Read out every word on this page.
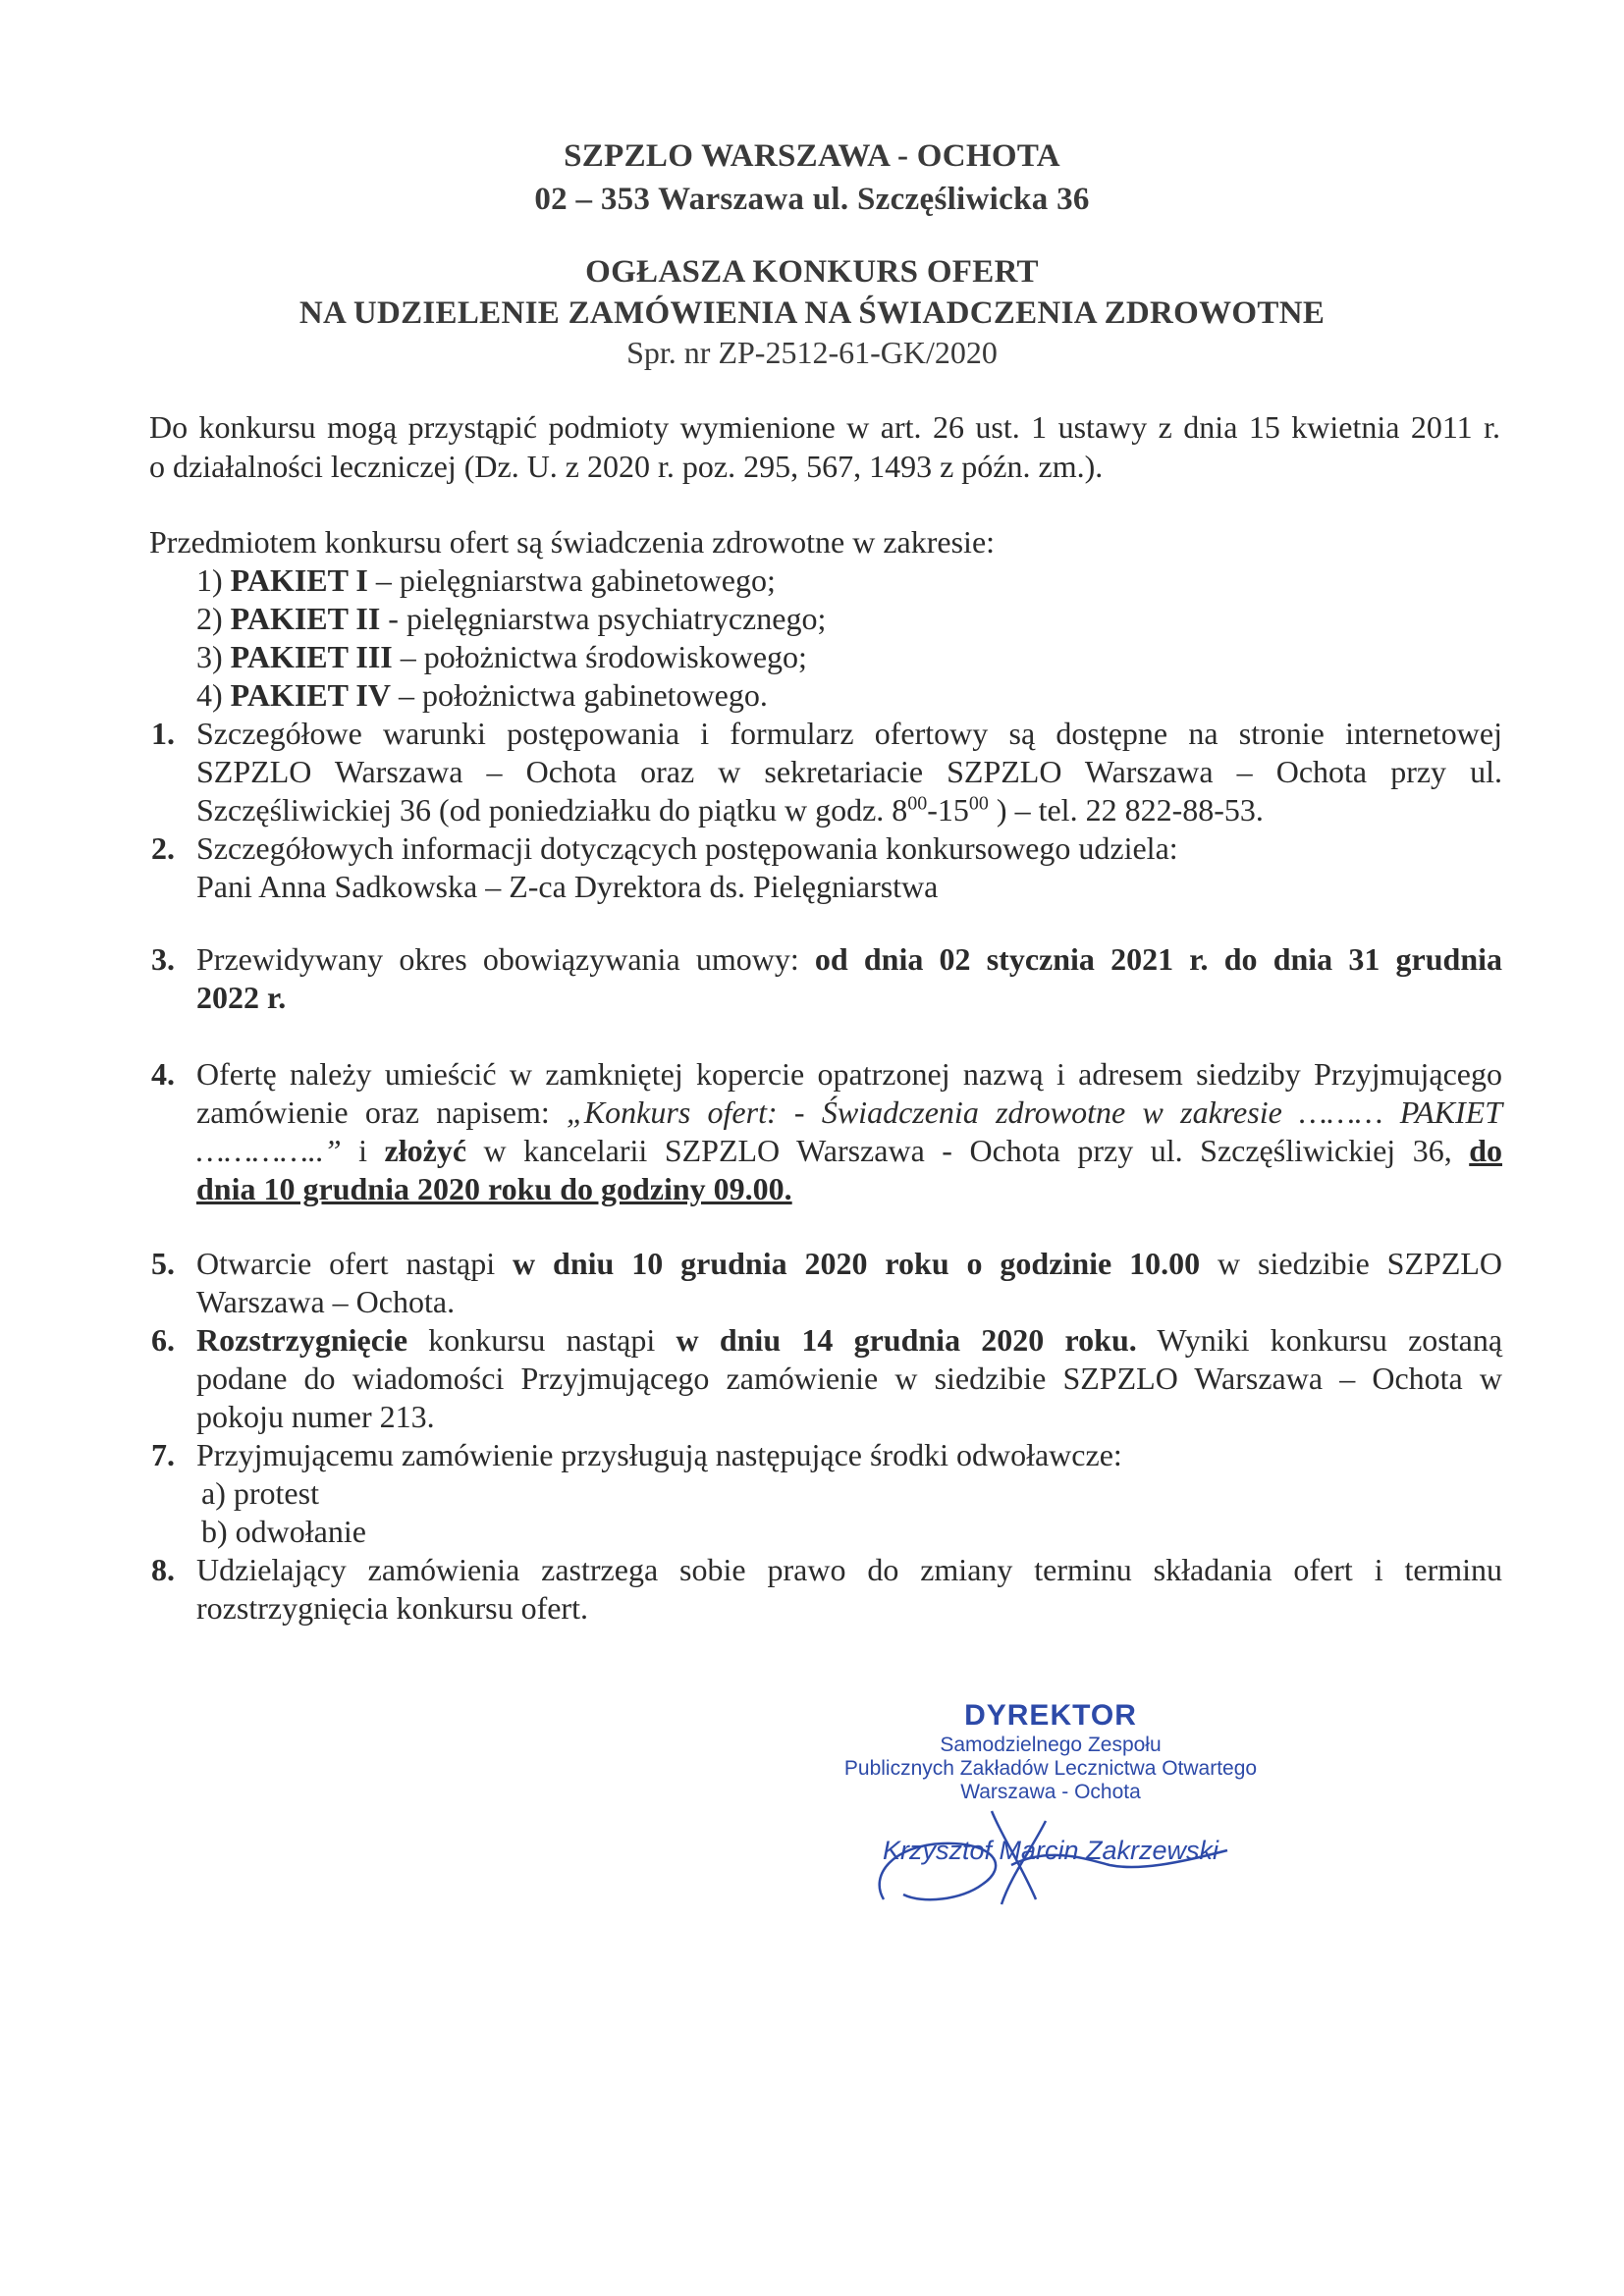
SZPZLO WARSZAWA - OCHOTA
02 – 353 Warszawa ul. Szczęśliwicka 36
OGŁASZA KONKURS OFERT
NA UDZIELENIE ZAMÓWIENIA NA ŚWIADCZENIA ZDROWOTNE
Spr. nr ZP-2512-61-GK/2020
Do konkursu mogą przystąpić podmioty wymienione w art. 26 ust. 1 ustawy z dnia 15 kwietnia 2011 r.
o działalności leczniczej (Dz. U. z 2020 r. poz. 295, 567, 1493 z późn. zm.).
Przedmiotem konkursu ofert są świadczenia zdrowotne w zakresie:
1) PAKIET I – pielęgniarstwa gabinetowego;
2) PAKIET II - pielęgniarstwa psychiatrycznego;
3) PAKIET III – położnictwa środowiskowego;
4) PAKIET IV – położnictwa gabinetowego.
1. Szczegółowe warunki postępowania i formularz ofertowy są dostępne na stronie internetowej
SZPZLO Warszawa – Ochota oraz w sekretariacie SZPZLO Warszawa – Ochota przy ul.
Szczęśliwickiej 36 (od poniedziałku do piątku w godz. $8^{00}-15^{00}$ ) – tel. 22 822-88-53.
2. Szczegółowych informacji dotyczących postępowania konkursowego udziela:
Pani Anna Sadkowska – Z-ca Dyrektora ds. Pielęgniarstwa
3. Przewidywany okres obowiązywania umowy: od dnia 02 stycznia 2021 r. do dnia 31 grudnia
2022 r.
4. Ofertę należy umieścić w zamkniętej kopercie opatrzonej nazwą i adresem siedziby Przyjmującego
zamówienie oraz napisem: „Konkurs ofert: - Świadczenia zdrowotne w zakresie ……… PAKIET
…………..” i złożyć w kancelarii SZPZLO Warszawa - Ochota przy ul. Szczęśliwickiej 36, do
dnia 10 grudnia 2020 roku do godziny 09.00.
5. Otwarcie ofert nastąpi w dniu 10 grudnia 2020 roku o godzinie 10.00 w siedzibie SZPZLO
Warszawa – Ochota.
6. Rozstrzygnięcie konkursu nastąpi w dniu 14 grudnia 2020 roku. Wyniki konkursu zostaną
podane do wiadomości Przyjmującego zamówienie w siedzibie SZPZLO Warszawa – Ochota w
pokoju numer 213.
7. Przyjmującemu zamówienie przysługują następujące środki odwoławcze:
a) protest
b) odwołanie
8. Udzielający zamówienia zastrzega sobie prawo do zmiany terminu składania ofert i terminu
rozstrzygnięcia konkursu ofert.
DYREKTOR
Samodzielnego Zespołu
Publicznych Zakładów Lecznictwa Otwartego
Warszawa - Ochota
Krzysztof Marcin Zakrzewski
